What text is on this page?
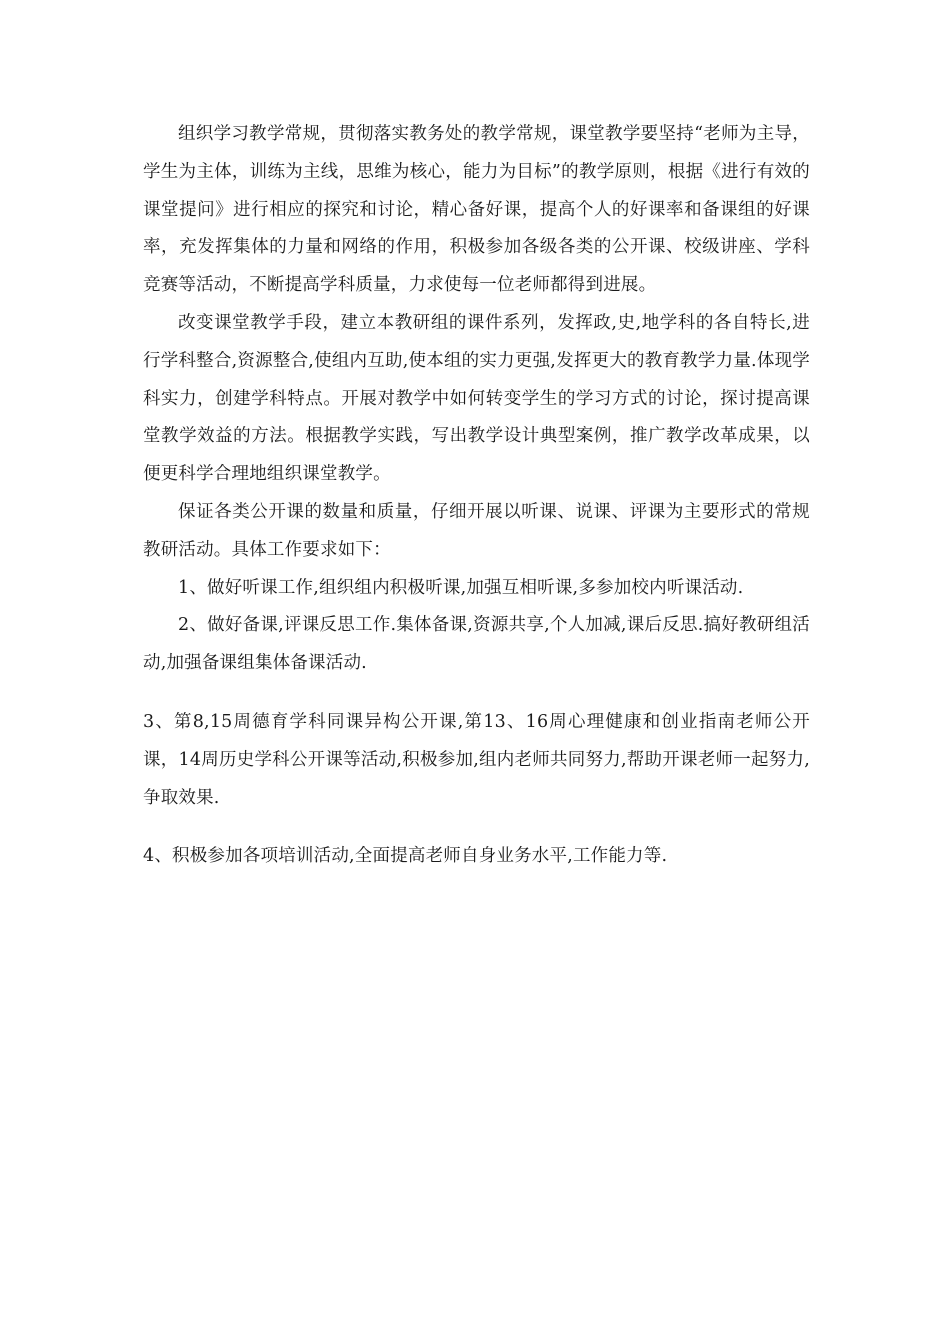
组织学习教学常规，贯彻落实教务处的教学常规，课堂教学要坚持“老师为主导，学生为主体，训练为主线，思维为核心，能力为目标”的教学原则，根据《进行有效的课堂提问》进行相应的探究和讨论，精心备好课，提高个人的好课率和备课组的好课率，充发挥集体的力量和网络的作用，积极参加各级各类的公开课、校级讲座、学科竞赛等活动，不断提高学科质量，力求使每一位老师都得到进展。

改变课堂教学手段，建立本教研组的课件系列，发挥政,史,地学科的各自特长,进行学科整合,资源整合,使组内互助,使本组的实力更强,发挥更大的教育教学力量.体现学科实力，创建学科特点。开展对教学中如何转变学生的学习方式的讨论，探讨提高课堂教学效益的方法。根据教学实践，写出教学设计典型案例，推广教学改革成果，以便更科学合理地组织课堂教学。

保证各类公开课的数量和质量，仔细开展以听课、说课、评课为主要形式的常规教研活动。具体工作要求如下：

1、做好听课工作,组织组内积极听课,加强互相听课,多参加校内听课活动.

2、做好备课,评课反思工作.集体备课,资源共享,个人加减,课后反思.搞好教研组活动,加强备课组集体备课活动.

3、第8,15周德育学科同课异构公开课,第13、16周心理健康和创业指南老师公开课，14周历史学科公开课等活动,积极参加,组内老师共同努力,帮助开课老师一起努力,争取效果.

4、积极参加各项培训活动,全面提高老师自身业务水平,工作能力等.
